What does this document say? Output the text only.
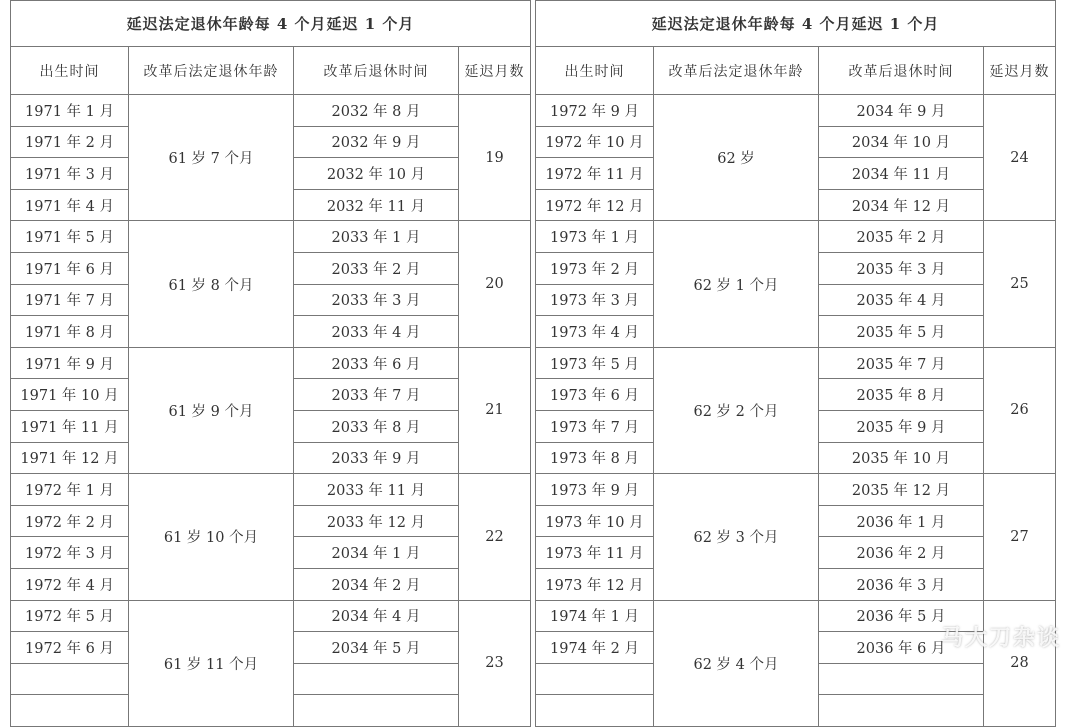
延迟法定退休年龄每 4 个月延迟 1 个月			
出生时间	改革后法定退休年龄	改革后退休时间	延迟月数
1971 年 1 月	61 岁 7 个月	2032 年 8 月	19
1971 年 2 月		2032 年 9 月	
1971 年 3 月		2032 年 10 月	
1971 年 4 月		2032 年 11 月	
1971 年 5 月	61 岁 8 个月	2033 年 1 月	20
1971 年 6 月		2033 年 2 月	
1971 年 7 月		2033 年 3 月	
1971 年 8 月		2033 年 4 月	
1971 年 9 月	61 岁 9 个月	2033 年 6 月	21
1971 年 10 月		2033 年 7 月	
1971 年 11 月		2033 年 8 月	
1971 年 12 月		2033 年 9 月	
1972 年 1 月	61 岁 10 个月	2033 年 11 月	22
1972 年 2 月		2033 年 12 月	
1972 年 3 月		2034 年 1 月	
1972 年 4 月		2034 年 2 月	
1972 年 5 月	61 岁 11 个月	2034 年 4 月	23
1972 年 6 月		2034 年 5 月	

延迟法定退休年龄每 4 个月延迟 1 个月			
出生时间	改革后法定退休年龄	改革后退休时间	延迟月数
1972 年 9 月	62 岁	2034 年 9 月	24
1972 年 10 月		2034 年 10 月	
1972 年 11 月		2034 年 11 月	
1972 年 12 月		2034 年 12 月	
1973 年 1 月	62 岁 1 个月	2035 年 2 月	25
1973 年 2 月		2035 年 3 月	
1973 年 3 月		2035 年 4 月	
1973 年 4 月		2035 年 5 月	
1973 年 5 月	62 岁 2 个月	2035 年 7 月	26
1973 年 6 月		2035 年 8 月	
1973 年 7 月		2035 年 9 月	
1973 年 8 月		2035 年 10 月	
1973 年 9 月	62 岁 3 个月	2035 年 12 月	27
1973 年 10 月		2036 年 1 月	
1973 年 11 月		2036 年 2 月	
1973 年 12 月		2036 年 3 月	
1974 年 1 月	62 岁 4 个月	2036 年 5 月	28
1974 年 2 月		2036 年 6 月	

马大刀杂谈
